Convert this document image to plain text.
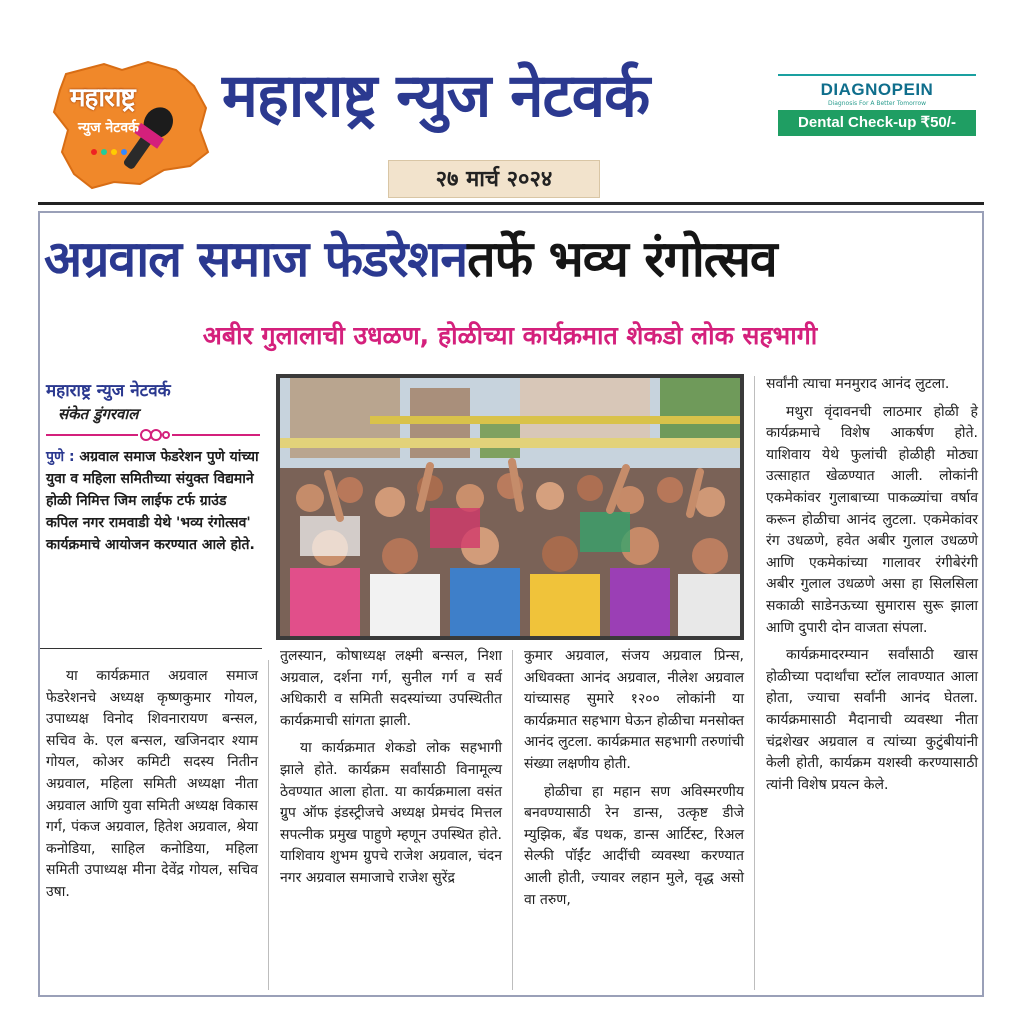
महाराष्ट्र
न्युज नेटवर्क महाराष्ट्र न्युज नेटवर्क
२७ मार्च २०२४
DIAGNOPEIN
Diagnosis For A Better Tomorrow
Dental Check-up ₹50/-
अग्रवाल समाज फेडरेशनतर्फे भव्य रंगोत्सव
अबीर गुलालाची उधळण, होळीच्या कार्यक्रमात शेकडो लोक सहभागी
महाराष्ट्र न्युज नेटवर्क
संकेत डुंगरवाल
पुणे : अग्रवाल समाज फेडरेशन पुणे यांच्या युवा व महिला समितीच्या संयुक्त विद्यमाने होळी निमित्त जिम लाईफ टर्फ ग्राउंड कपिल नगर रामवाडी येथे 'भव्य रंगोत्सव' कार्यक्रमाचे आयोजन करण्यात आले होते.

या कार्यक्रमात अग्रवाल समाज फेडरेशनचे अध्यक्ष कृष्णकुमार गोयल, उपाध्यक्ष विनोद शिवनारायण बन्सल, सचिव के. एल बन्सल, खजिनदार श्याम गोयल, कोअर कमिटी सदस्य नितीन अग्रवाल, महिला समिती अध्यक्षा नीता अग्रवाल आणि युवा समिती अध्यक्ष विकास गर्ग, पंकज अग्रवाल, हितेश अग्रवाल, श्रेया कनोडिया, साहिल कनोडिया, महिला समिती उपाध्यक्ष मीना देवेंद्र गोयल, सचिव उषा.

तुलस्यान, कोषाध्यक्ष लक्ष्मी बन्सल, निशा अग्रवाल, दर्शना गर्ग, सुनील गर्ग व सर्व अधिकारी व समिती सदस्यांच्या उपस्थितीत कार्यक्रमाची सांगता झाली.

या कार्यक्रमात शेकडो लोक सहभागी झाले होते. कार्यक्रम सर्वांसाठी विनामूल्य ठेवण्यात आला होता. या कार्यक्रमाला वसंत ग्रुप ऑफ इंडस्ट्रीजचे अध्यक्ष प्रेमचंद मित्तल सपत्नीक प्रमुख पाहुणे म्हणून उपस्थित होते. याशिवाय शुभम ग्रुपचे राजेश अग्रवाल, चंदन नगर अग्रवाल समाजाचे राजेश सुरेंद्र

कुमार अग्रवाल, संजय अग्रवाल प्रिन्स, अधिवक्ता आनंद अग्रवाल, नीलेश अग्रवाल यांच्यासह सुमारे १२०० लोकांनी या कार्यक्रमात सहभाग घेऊन होळीचा मनसोक्त आनंद लुटला. कार्यक्रमात सहभागी तरुणांची संख्या लक्षणीय होती.

होळीचा हा महान सण अविस्मरणीय बनवण्यासाठी रेन डान्स, उत्कृष्ट डीजे म्युझिक, बँड पथक, डान्स आर्टिस्ट, रिअल सेल्फी पॉईंट आदींची व्यवस्था करण्यात आली होती, ज्यावर लहान मुले, वृद्ध असो वा तरुण,

सर्वांनी त्याचा मनमुराद आनंद लुटला.

मथुरा वृंदावनची लाठमार होळी हे कार्यक्रमाचे विशेष आकर्षण होते. याशिवाय येथे फुलांची होळीही मोठ्या उत्साहात खेळण्यात आली. लोकांनी एकमेकांवर गुलाबाच्या पाकळ्यांचा वर्षाव करून होळीचा आनंद लुटला. एकमेकांवर रंग उधळणे, हवेत अबीर गुलाल उधळणे आणि एकमेकांच्या गालावर रंगीबेरंगी अबीर गुलाल उधळणे असा हा सिलसिला सकाळी साडेनऊच्या सुमारास सुरू झाला आणि दुपारी दोन वाजता संपला.

कार्यक्रमादरम्यान सर्वांसाठी खास होळीच्या पदार्थांचा स्टॉल लावण्यात आला होता, ज्याचा सर्वांनी आनंद घेतला. कार्यक्रमासाठी मैदानाची व्यवस्था नीता चंद्रशेखर अग्रवाल व त्यांच्या कुटुंबीयांनी केली होती, कार्यक्रम यशस्वी करण्यासाठी त्यांनी विशेष प्रयत्न केले.
